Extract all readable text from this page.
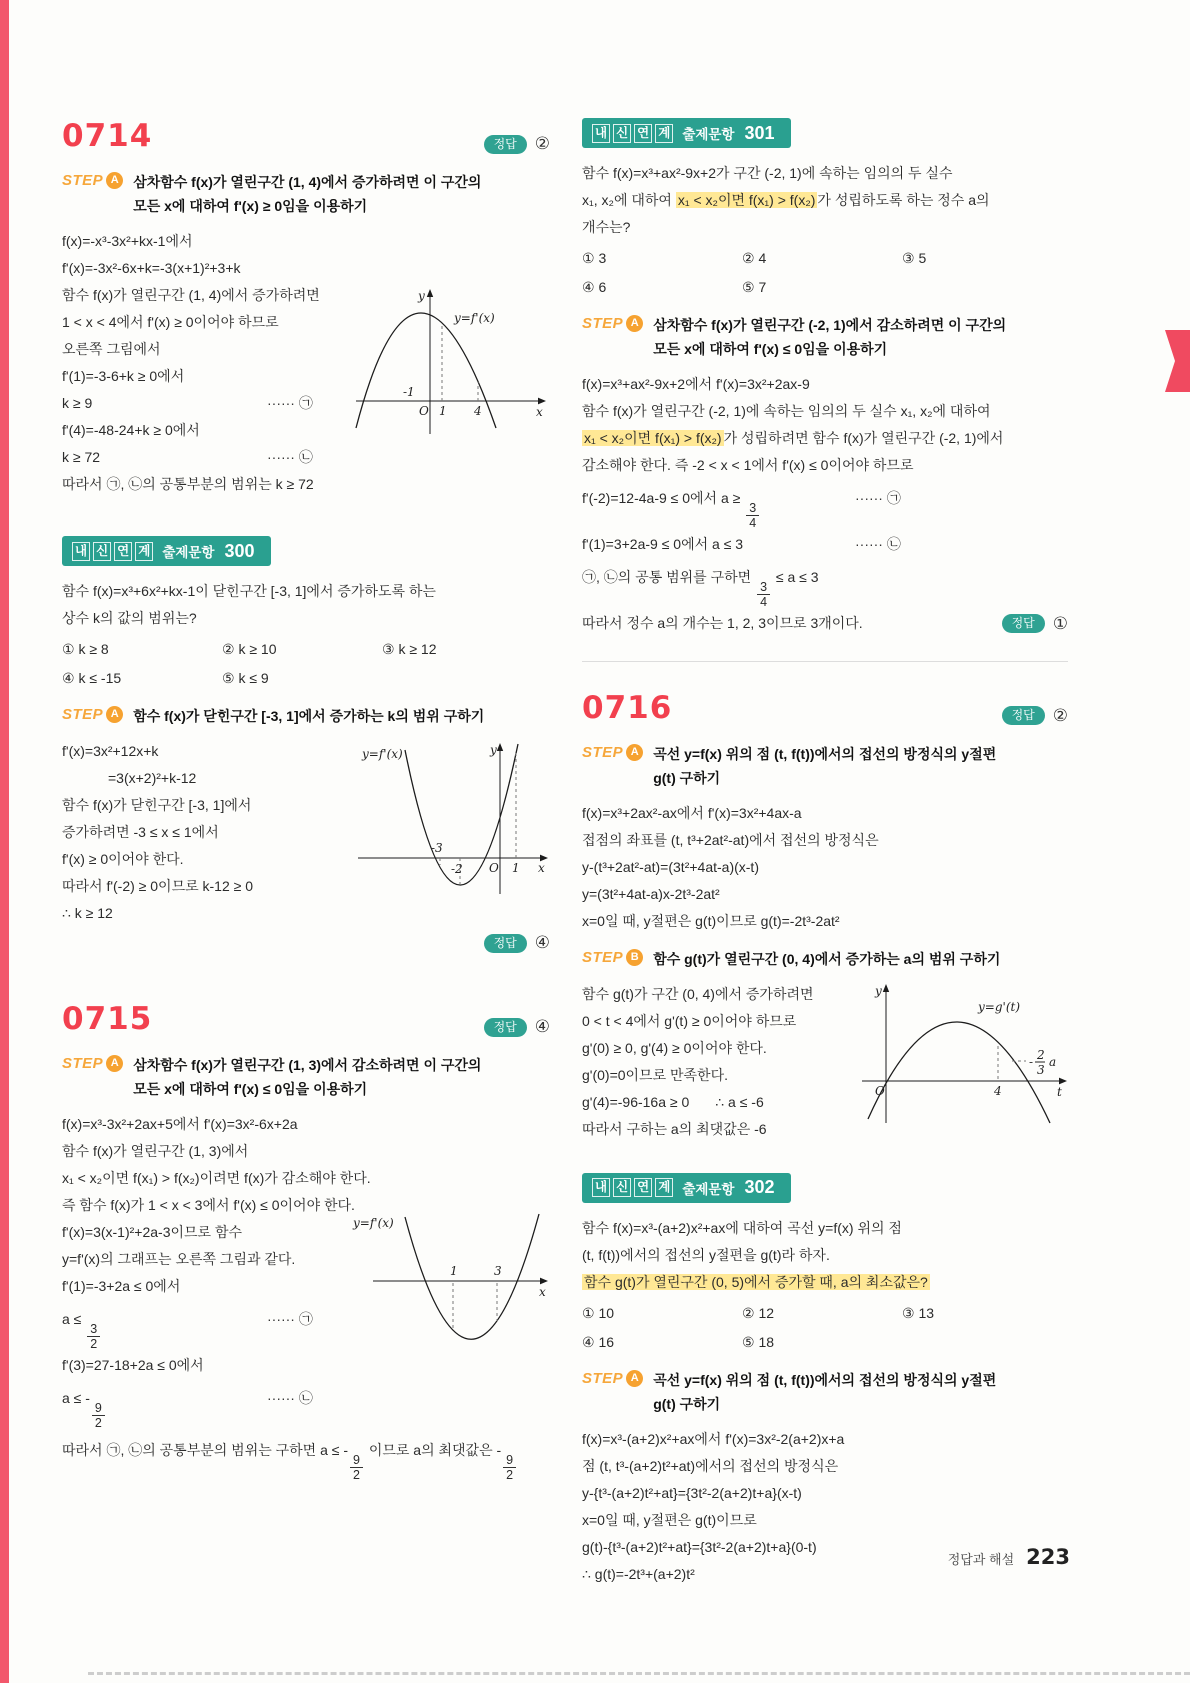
0714	정답	②
STEP A	삼차함수 f(x)가 열린구간 (1, 4)에서 증가하려면 이 구간의
모든 x에 대하여 f'(x) ≥ 0임을 이용하기
f(x)=-x³-3x²+kx-1에서
f'(x)=-3x²-6x+k=-3(x+1)²+3+k
함수 f(x)가 열린구간 (1, 4)에서 증가하려면
1 < x < 4에서 f'(x) ≥ 0이어야 하므로
오른쪽 그림에서
f'(1)=-3-6+k ≥ 0에서
k ≥ 9	······ ㉠
f'(4)=-48-24+k ≥ 0에서
k ≥ 72	······ ㉡
따라서 ㉠, ㉡의 공통부분의 범위는 k ≥ 72
y=f'(x)
y
x
O
-1
1 4
내 신 연 계 출제문항 300
함수 f(x)=x³+6x²+kx-1이 닫힌구간 [-3, 1]에서 증가하도록 하는
상수 k의 값의 범위는?
① k ≥ 8	② k ≥ 10	③ k ≥ 12
④ k ≤ -15	⑤ k ≤ 9
STEP A	함수 f(x)가 닫힌구간 [-3, 1]에서 증가하는 k의 범위 구하기
f'(x)=3x²+12x+k
=3(x+2)²+k-12
함수 f(x)가 닫힌구간 [-3, 1]에서
증가하려면 -3 ≤ x ≤ 1에서
f'(x) ≥ 0이어야 한다.
따라서 f'(-2) ≥ 0이므로 k-12 ≥ 0
∴ k ≥ 12
y=f'(x)	y
x
-3
-2 O 1
정답	④
0715	정답	④
STEP A	삼차함수 f(x)가 열린구간 (1, 3)에서 감소하려면 이 구간의
모든 x에 대하여 f'(x) ≤ 0임을 이용하기
f(x)=x³-3x²+2ax+5에서 f'(x)=3x²-6x+2a
함수 f(x)가 열린구간 (1, 3)에서
x₁ < x₂이면 f(x₁) > f(x₂)이려면 f(x)가 감소해야 한다.
즉 함수 f(x)가 1 < x < 3에서 f'(x) ≤ 0이어야 한다.
f'(x)=3(x-1)²+2a-3이므로 함수
y=f'(x)의 그래프는 오른쪽 그림과 같다.
f'(1)=-3+2a ≤ 0에서
a ≤
$\frac{3}{2}$
······ ㉠
f'(3)=27-18+2a ≤ 0에서
a ≤ -
$\frac{9}{2}$
······ ㉡
따라서 ㉠, ㉡의 공통부분의 범위는 구하면 a ≤ -
$\frac{9}{2}$
이므로 a의 최댓값은 -
$\frac{9}{2}$
y=f'(x)
1	3
x
내 신 연 계 출제문항 301
함수 f(x)=x³+ax²-9x+2가 구간 (-2, 1)에 속하는 임의의 두 실수
x₁, x₂에 대하여 x₁ < x₂이면 f(x₁) > f(x₂) 가 성립하도록 하는 정수 a의
개수는?
① 3	② 4	③ 5
④ 6	⑤ 7
STEP A	삼차함수 f(x)가 열린구간 (-2, 1)에서 감소하려면 이 구간의
모든 x에 대하여 f'(x) ≤ 0임을 이용하기
f(x)=x³+ax²-9x+2에서 f'(x)=3x²+2ax-9
함수 f(x)가 열린구간 (-2, 1)에 속하는 임의의 두 실수 x₁, x₂에 대하여
x₁ < x₂이면 f(x₁) > f(x₂) 가 성립하려면 함수 f(x)가 열린구간 (-2, 1)에서
감소해야 한다. 즉 -2 < x < 1에서 f'(x) ≤ 0이어야 하므로
f'(-2)=12-4a-9 ≤ 0에서 a ≥
$\frac{3}{4}$
······ ㉠
f'(1)=3+2a-9 ≤ 0에서 a ≤ 3	······ ㉡
㉠, ㉡의 공통 범위를 구하면
$\frac{3}{4}$
≤ a ≤ 3
따라서 정수 a의 개수는 1, 2, 3이므로 3개이다.	정답	①
0716	정답	②
STEP A	곡선 y=f(x) 위의 점 (t, f(t))에서의 접선의 방정식의 y절편
g(t) 구하기
f(x)=x³+2ax²-ax에서 f'(x)=3x²+4ax-a
접점의 좌표를 (t, t³+2at²-at)에서 접선의 방정식은
y-(t³+2at²-at)=(3t²+4at-a)(x-t)
y=(3t²+4at-a)x-2t³-2at²
x=0일 때, y절편은 g(t)이므로 g(t)=-2t³-2at²
STEP B	함수 g(t)가 열린구간 (0, 4)에서 증가하는 a의 범위 구하기
함수 g(t)가 구간 (0, 4)에서 증가하려면
0 < t < 4에서 g'(t) ≥ 0이어야 하므로
g'(0) ≥ 0, g'(4) ≥ 0이어야 한다.
g'(0)=0이므로 만족한다.
g'(4)=-96-16a ≥ 0 ∴ a ≤ -6
따라서 구하는 a의 최댓값은 -6
y=g'(t)
y
t
O	4
- 2
3
a
내 신 연 계 출제문항 302
함수 f(x)=x³-(a+2)x²+ax에 대하여 곡선 y=f(x) 위의 점
(t, f(t))에서의 접선의 y절편을 g(t)라 하자.
함수 g(t)가 열린구간 (0, 5)에서 증가할 때, a의 최소값은?
① 10	② 12	③ 13
④ 16	⑤ 18
STEP A	곡선 y=f(x) 위의 점 (t, f(t))에서의 접선의 방정식의 y절편
g(t) 구하기
f(x)=x³-(a+2)x²+ax에서 f'(x)=3x²-2(a+2)x+a
점 (t, t³-(a+2)t²+at)에서의 접선의 방정식은
y-{t³-(a+2)t²+at}={3t²-2(a+2)t+a}(x-t)
x=0일 때, y절편은 g(t)이므로
g(t)-{t³-(a+2)t²+at}={3t²-2(a+2)t+a}(0-t)
∴ g(t)=-2t³+(a+2)t²
정답과 해설 223
